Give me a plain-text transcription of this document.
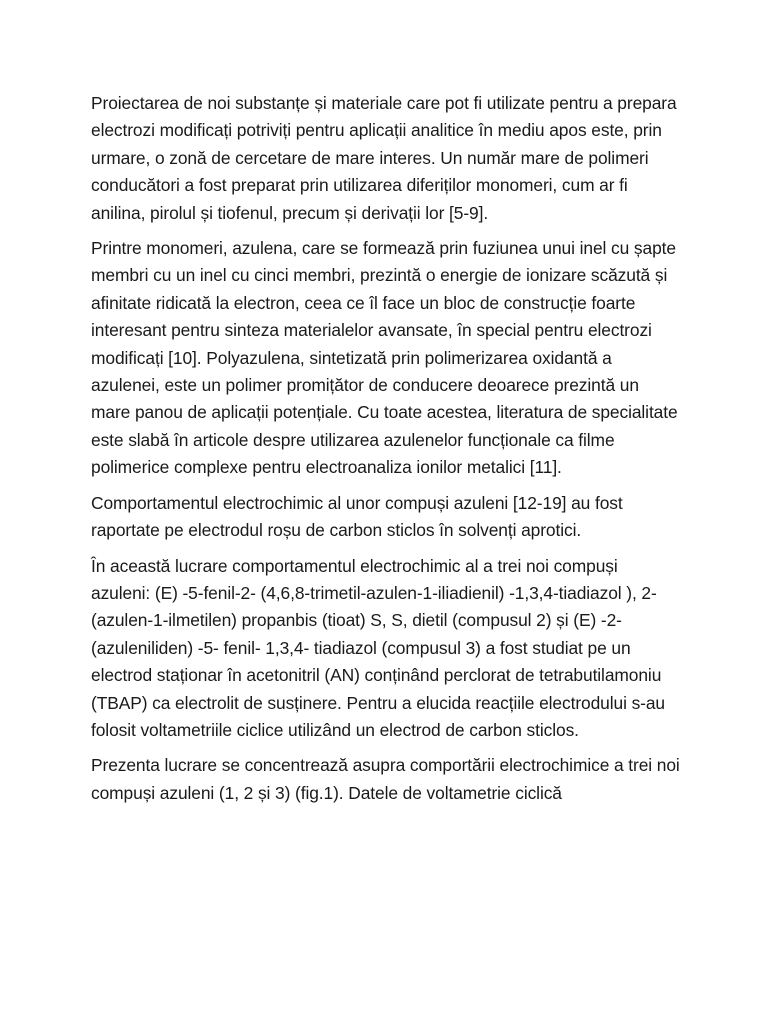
Proiectarea de noi substanțe și materiale care pot fi utilizate pentru a prepara electrozi modificați potriviți pentru aplicații analitice în mediu apos este, prin urmare, o zonă de cercetare de mare interes. Un număr mare de polimeri conducători a fost preparat prin utilizarea diferiților monomeri, cum ar fi anilina, pirolul și tiofenul, precum și derivații lor [5-9].

Printre monomeri, azulena, care se formează prin fuziunea unui inel cu șapte membri cu un inel cu cinci membri, prezintă o energie de ionizare scăzută și afinitate ridicată la electron, ceea ce îl face un bloc de construcție foarte interesant pentru sinteza materialelor avansate, în special pentru electrozi modificați [10]. Polyazulena, sintetizată prin polimerizarea oxidantă a azulenei, este un polimer promițător de conducere deoarece prezintă un mare panou de aplicații potențiale. Cu toate acestea, literatura de specialitate este slabă în articole despre utilizarea azulenelor funcționale ca filme polimerice complexe pentru electroanaliza ionilor metalici [11].

Comportamentul electrochimic al unor compuși azuleni [12-19] au fost raportate pe electrodul roșu de carbon sticlos în solvenți aprotici.

În această lucrare comportamentul electrochimic al a trei noi compuși azuleni: (E) -5-fenil-2- (4,6,8-trimetil-azulen-1-iliadienil) -1,3,4-tiadiazol ), 2- (azulen-1-ilmetilen) propanbis (tioat) S, S, dietil (compusul 2) și (E) -2- (azuleniliden) -5- fenil- 1,3,4- tiadiazol (compusul 3) a fost studiat pe un electrod staționar în acetonitril (AN) conținând perclorat de tetrabutilamoniu (TBAP) ca electrolit de susținere. Pentru a elucida reacțiile electrodului s-au folosit voltametriile ciclice utilizând un electrod de carbon sticlos.

Prezenta lucrare se concentrează asupra comportării electrochimice a trei noi compuși azuleni (1, 2 și 3) (fig.1). Datele de voltametrie ciclică
